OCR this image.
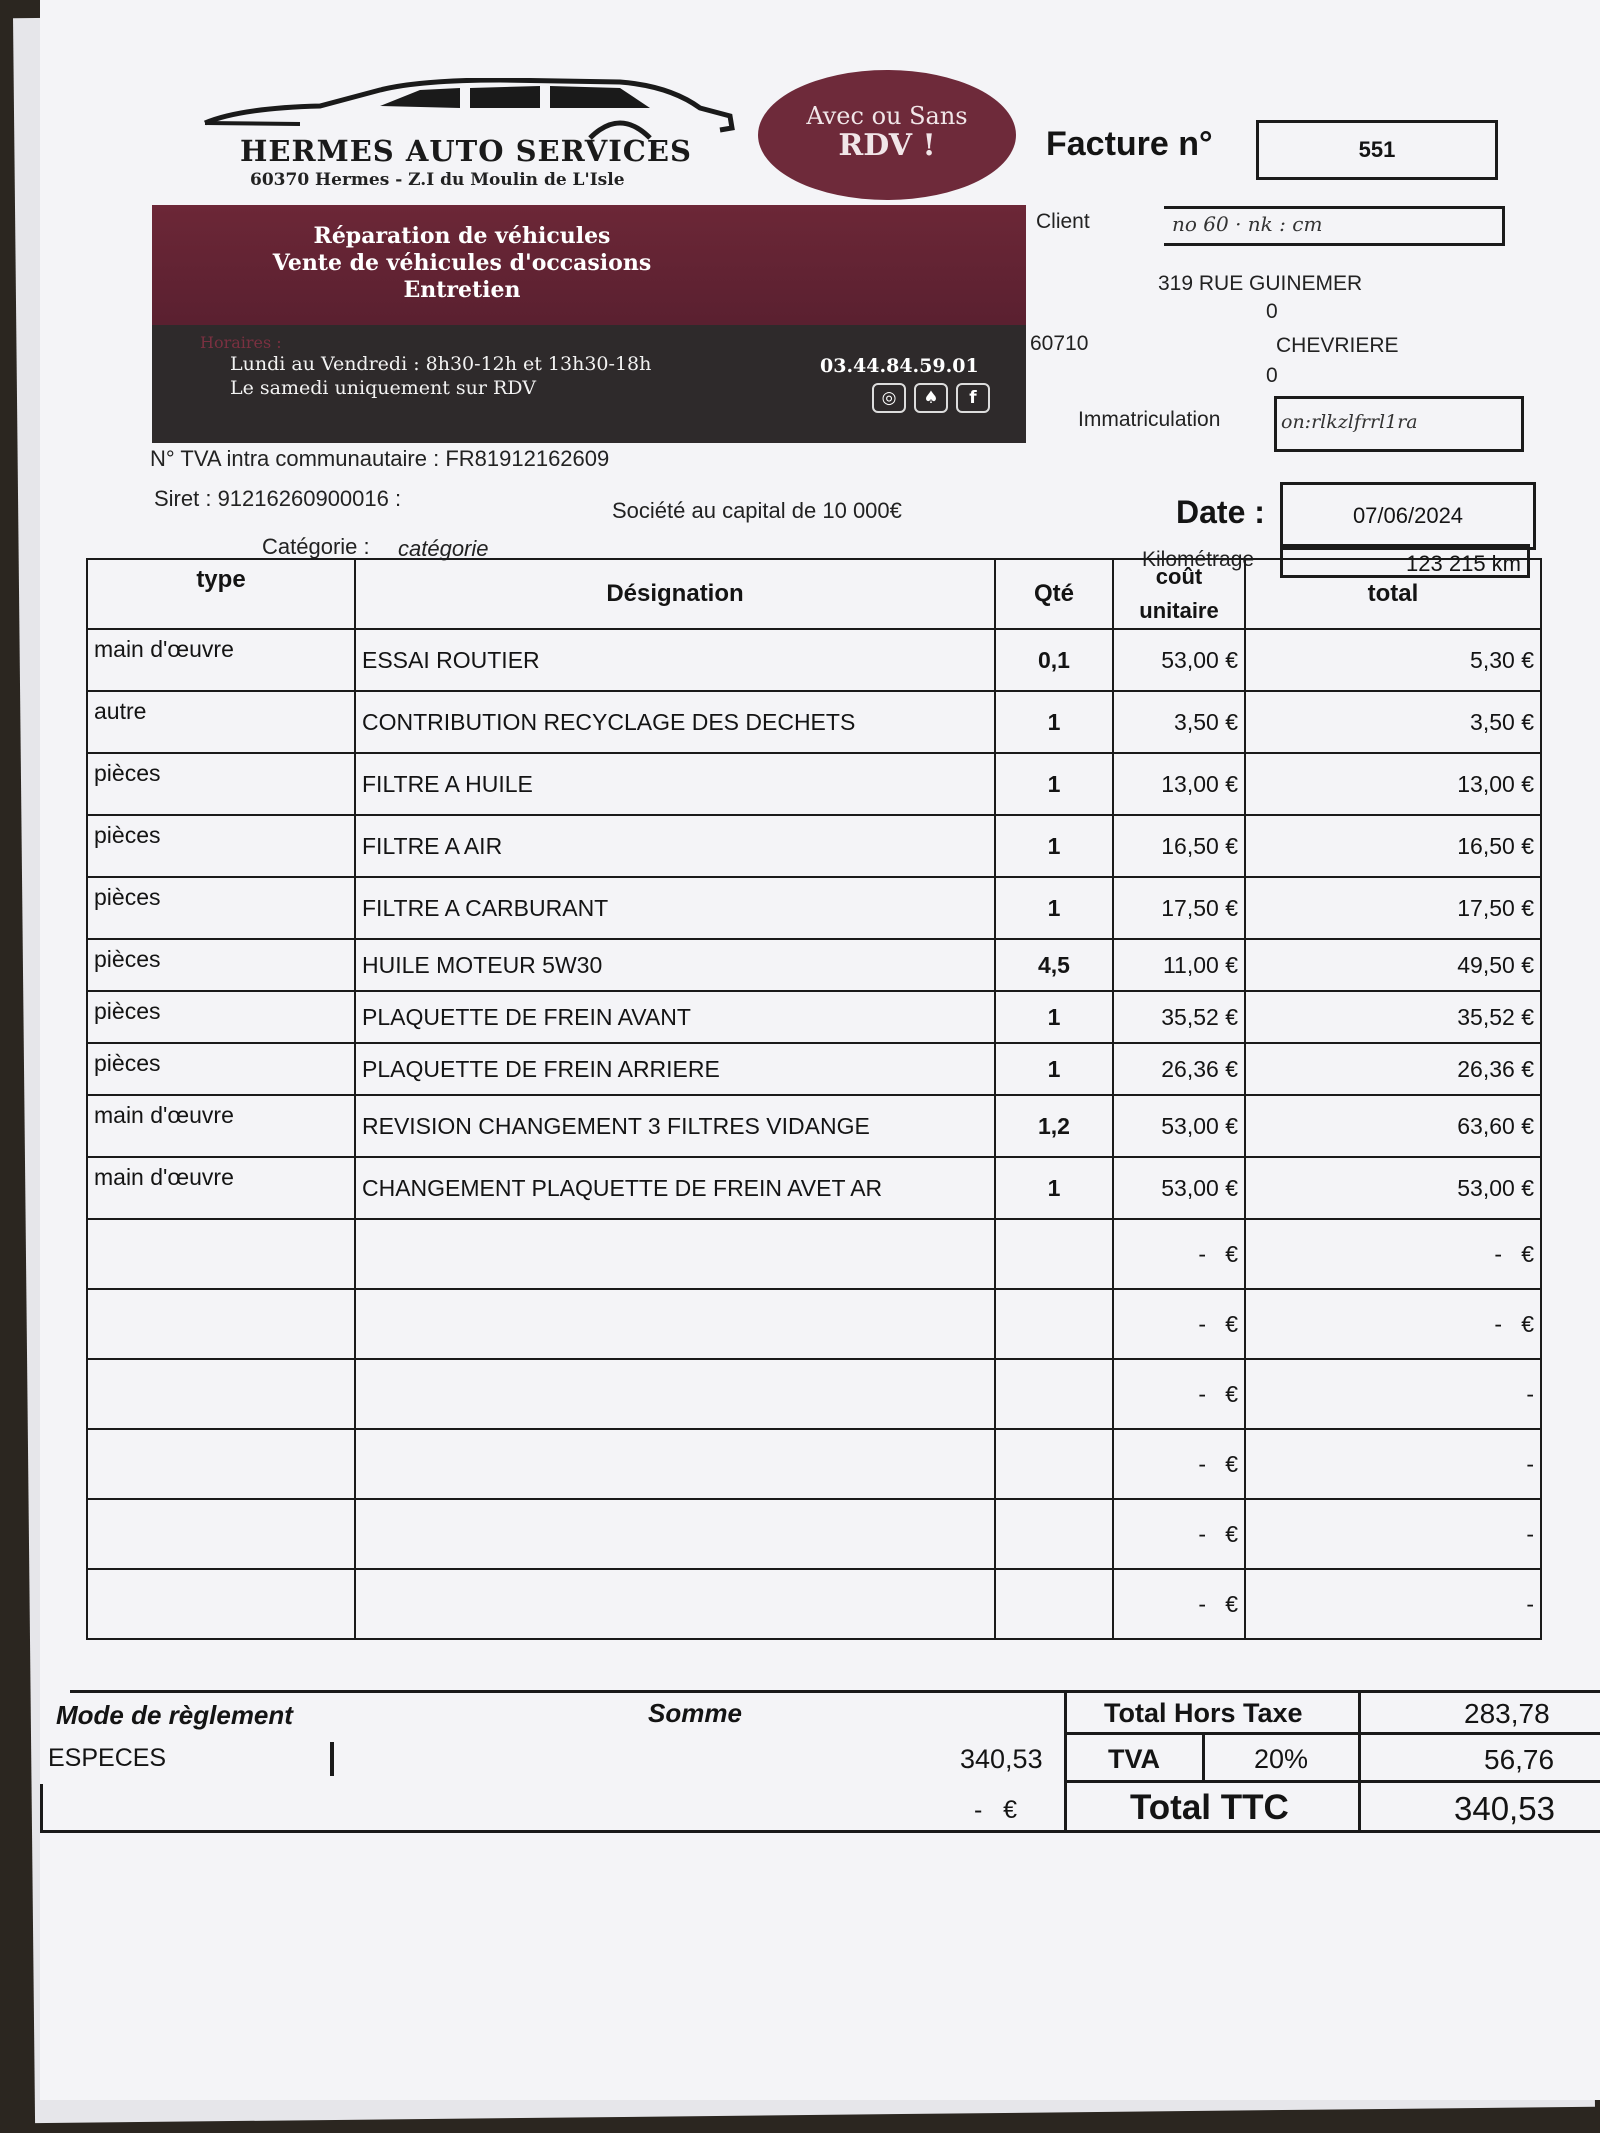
HERMES AUTO SERVICES
60370 Hermes - Z.I du Moulin de L'Isle
Avec ou Sans
RDV !
Réparation de véhicules
Vente de véhicules d'occasions
Entretien
Horaires :
Lundi au Vendredi : 8h30-12h et 13h30-18h
Le samedi uniquement sur RDV
03.44.84.59.01
◎	♠	f
Facture n°	551
Client	no 60 · nk : cm
319 RUE GUINEMER
0
60710	CHEVRIERE
0
Immatriculation	on:rlkzlfrrl1ra
N° TVA intra communautaire : FR81912162609
Siret : 91216260900016 :	Société au capital de 10 000€
Catégorie : catégorie
Date :	07/06/2024
Kilométrage	123 215 km
type	Désignation	Qté	coût unitaire	total
main d'œuvre	ESSAI ROUTIER	0,1	53,00 €	5,30 €
autre	CONTRIBUTION RECYCLAGE DES DECHETS	1	3,50 €	3,50 €
pièces	FILTRE A HUILE	1	13,00 €	13,00 €
pièces	FILTRE A AIR	1	16,50 €	16,50 €
pièces	FILTRE A CARBURANT	1	17,50 €	17,50 €
pièces	HUILE MOTEUR 5W30	4,5	11,00 €	49,50 €
pièces	PLAQUETTE DE FREIN AVANT	1	35,52 €	35,52 €
pièces	PLAQUETTE DE FREIN ARRIERE	1	26,36 €	26,36 €
main d'œuvre	REVISION CHANGEMENT 3 FILTRES VIDANGE	1,2	53,00 €	63,60 €
main d'œuvre	CHANGEMENT PLAQUETTE DE FREIN AVET AR	1	53,00 €	53,00 €
			-   €	-   €
			-   €	-   €
			-   €	-
			-   €	-
			-   €	-
			-   €	-
Mode de règlement	Somme
ESPECES	340,53
-   €
Total Hors Taxe	283,78
TVA	20%	56,76
Total TTC	340,53
